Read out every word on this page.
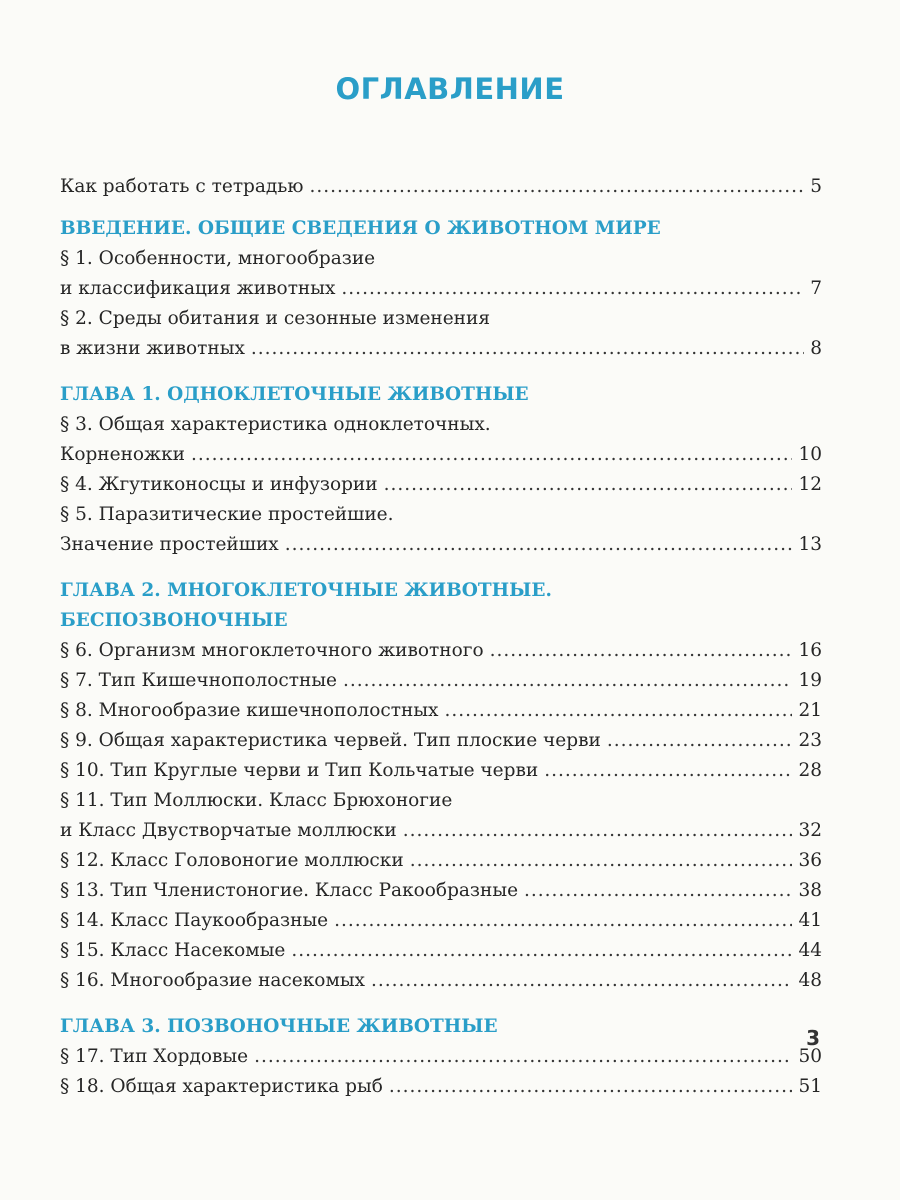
ОГЛАВЛЕНИЕ
Как работать с тетрадью .....	5
ВВЕДЕНИЕ. ОБЩИЕ СВЕДЕНИЯ О ЖИВОТНОМ МИРЕ
§ 1. Особенности, многообразие
и классификация животных .....	7
§ 2. Среды обитания и сезонные изменения
в жизни животных .....	8
ГЛАВА 1. ОДНОКЛЕТОЧНЫЕ ЖИВОТНЫЕ
§ 3. Общая характеристика одноклеточных.
Корненожки .....	10
§ 4. Жгутиконосцы и инфузории .....	12
§ 5. Паразитические простейшие.
Значение простейших .....	13
ГЛАВА 2. МНОГОКЛЕТОЧНЫЕ ЖИВОТНЫЕ.
БЕСПОЗВОНОЧНЫЕ
§ 6. Организм многоклеточного животного .....	16
§ 7. Тип Кишечнополостные .....	19
§ 8. Многообразие кишечнополостных .....	21
§ 9. Общая характеристика червей. Тип плоские черви .....	23
§ 10. Тип Круглые черви и Тип Кольчатые черви .....	28
§ 11. Тип Моллюски. Класс Брюхоногие
и Класс Двустворчатые моллюски .....	32
§ 12. Класс Головоногие моллюски .....	36
§ 13. Тип Членистоногие. Класс Ракообразные .....	38
§ 14. Класс Паукообразные .....	41
§ 15. Класс Насекомые .....	44
§ 16. Многообразие насекомых .....	48
ГЛАВА 3. ПОЗВОНОЧНЫЕ ЖИВОТНЫЕ
§ 17. Тип Хордовые .....	50
§ 18. Общая характеристика рыб .....	51
3
